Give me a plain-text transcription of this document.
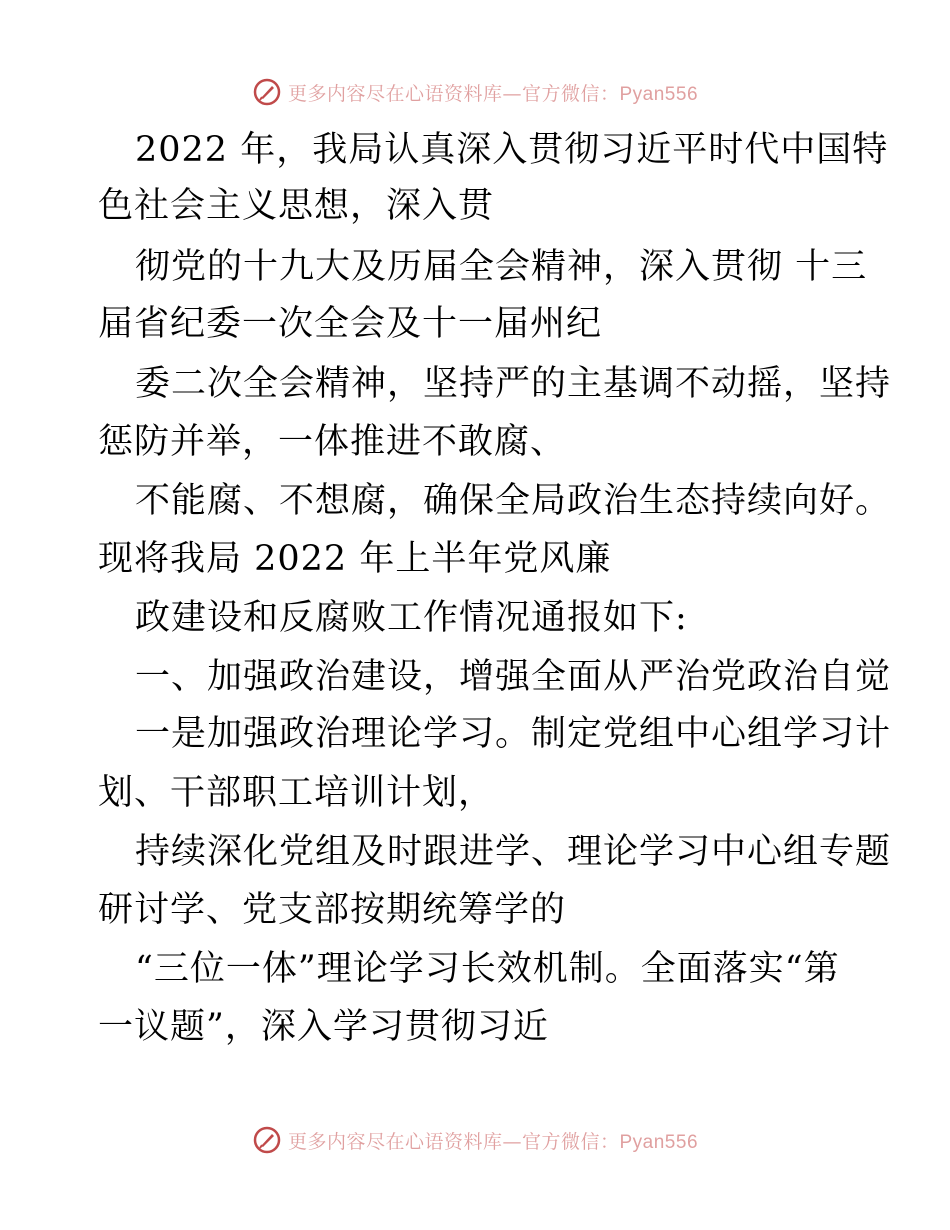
更多内容尽在心语资料库—官方微信：Pyan556
2022 年，我局认真深入贯彻习近平时代中国特
色社会主义思想，深入贯
彻党的十九大及历届全会精神，深入贯彻 十三
届省纪委一次全会及十一届州纪
委二次全会精神，坚持严的主基调不动摇，坚持
惩防并举，一体推进不敢腐、
不能腐、不想腐，确保全局政治生态持续向好。
现将我局 2022 年上半年党风廉
政建设和反腐败工作情况通报如下:
一、加强政治建设，增强全面从严治党政治自觉
一是加强政治理论学习。制定党组中心组学习计
划、干部职工培训计划，
持续深化党组及时跟进学、理论学习中心组专题
研讨学、党支部按期统筹学的
“三位一体”理论学习长效机制。全面落实“第
一议题”，深入学习贯彻习近
更多内容尽在心语资料库—官方微信：Pyan556
